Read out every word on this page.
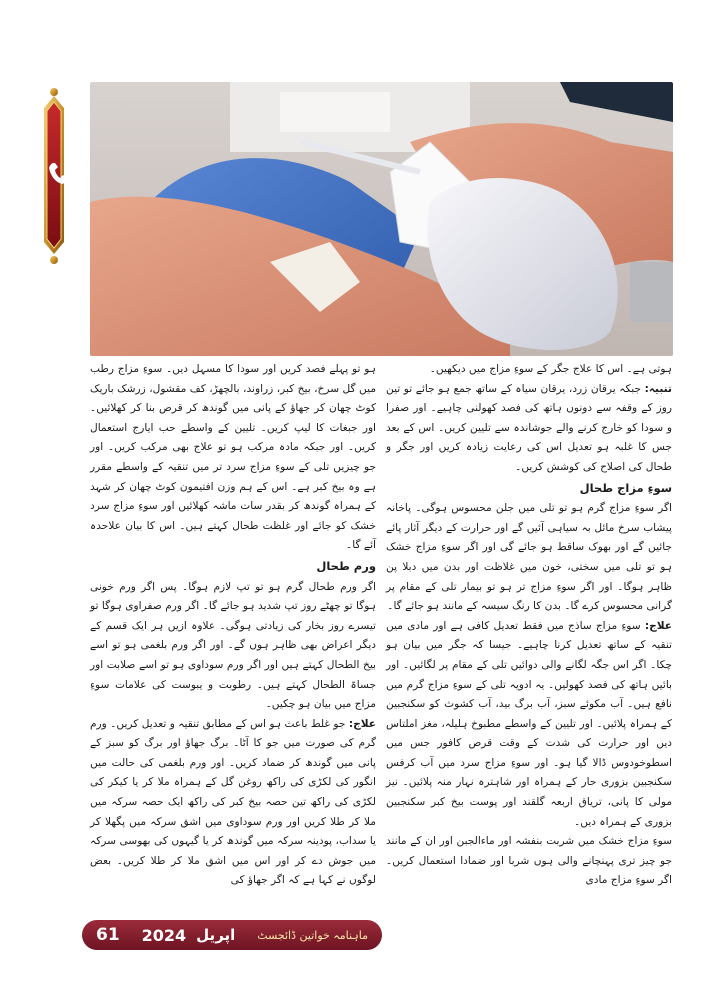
ہوتی ہے۔ اس کا علاج جگر کے سوءِ مزاج میں دیکھیں۔

تنبیہ: جبکہ یرقان زرد، یرقان سیاہ کے ساتھ جمع ہو جائے تو تین روز کے وقفہ سے دونوں ہاتھ کی فصد کھولنی چاہیے۔ اور صفرا و سودا کو خارج کرنے والے جوشاندہ سے تلیین کریں۔ اس کے بعد جس کا غلبہ ہو تعدیل اس کی رعایت زیادہ کریں اور جگر و طحال کی اصلاح کی کوشش کریں۔

سوءِ مزاج طحال

اگر سوءِ مزاج گرم ہو تو تلی میں جلن محسوس ہوگی۔ پاخانہ پیشاب سرخ مائل بہ سیاہی آئیں گے اور حرارت کے دیگر آثار پائے جائیں گے اور بھوک ساقط ہو جائے گی اور اگر سوءِ مزاج خشک ہو تو تلی میں سختی، خون میں غلاظت اور بدن میں دبلا پن ظاہر ہوگا۔ اور اگر سوءِ مزاج تر ہو تو بیمار تلی کے مقام پر گرانی محسوس کرے گا۔ بدن کا رنگ سیسہ کے مانند ہو جائے گا۔

علاج: سوءِ مزاج ساذج میں فقط تعدیل کافی ہے اور مادی میں تنقیہ کے ساتھ تعدیل کرنا چاہیے۔ جیسا کہ جگر میں بیان ہو چکا۔ اگر اس جگہ لگانے والی دوائیں تلی کے مقام پر لگائیں۔ اور بائیں ہاتھ کی فصد کھولیں۔ یہ ادویہ تلی کے سوءِ مزاج گرم میں نافع ہیں۔ آب مکوئے سبز، آب برگ بید، آب کشوث کو سکنجبین کے ہمراہ پلائیں۔ اور تلیین کے واسطے مطبوخ ہلیلہ، مغز املتاس دیں اور حرارت کی شدت کے وقت قرص کافور جس میں اسطوخودوس ڈالا گیا ہو۔ اور سوءِ مزاج سرد میں آب کرفس سکنجبین بزوری حار کے ہمراہ اور شاہترہ نہار منہ پلائیں۔ نیز مولی کا پانی، تریاق اربعہ گلقند اور پوست بیخ کبر سکنجبین بزوری کے ہمراہ دیں۔

سوءِ مزاج خشک میں شربت بنفشہ اور ماءالجبن اور ان کے مانند جو چیز تری پہنچانے والی ہوں شربا اور ضمادا استعمال کریں۔ اگر سوءِ مزاج مادی

ہو تو پہلے فصد کریں اور سودا کا مسہل دیں۔ سوءِ مزاج رطب میں گل سرخ، بیخ کبر، زراوند، بالچھڑ، کف مقشول، زرشک باریک کوٹ چھان کر جھاؤ کے پانی میں گوندھ کر قرص بنا کر کھلائیں۔ اور جبغات کا لیپ کریں۔ تلیین کے واسطے حب ایارج استعمال کریں۔ اور جبکہ مادہ مرکب ہو تو علاج بھی مرکب کریں۔ اور جو چیزیں تلی کے سوءِ مزاج سرد تر میں تنقیہ کے واسطے مقرر ہے وہ بیخ کبر ہے۔ اس کے ہم وزن افتیمون کوٹ چھان کر شہد کے ہمراہ گوندھ کر بقدر سات ماشہ کھلائیں اور سوءِ مزاج سرد خشک کو جائے اور غلظت طحال کہتے ہیں۔ اس کا بیان علاحدہ آئے گا۔

ورم طحال

اگر ورم طحال گرم ہو تو تپ لازم ہوگا۔ پس اگر ورم خونی ہوگا تو چھٹے روز تپ شدید ہو جائے گا۔ اگر ورم صفراوی ہوگا تو تیسرے روز بخار کی زیادتی ہوگی۔ علاوہ ازیں ہر ایک قسم کے دیگر اعراض بھی ظاہر ہوں گے۔ اور اگر ورم بلغمی ہو تو اسے بیخ الطحال کہتے ہیں اور اگر ورم سوداوی ہو تو اسے صلابت اور جساۃ الطحال کہتے ہیں۔ رطوبت و یبوست کی علامات سوءِ مزاج میں بیان ہو چکیں۔

علاج: جو غلط باعث ہو اس کے مطابق تنقیہ و تعدیل کریں۔ ورم گرم کی صورت میں جو کا آٹا۔ برگ جھاؤ اور برگ کو سبز کے پانی میں گوندھ کر ضماد کریں۔ اور ورم بلغمی کی حالت میں انگور کی لکڑی کی راکھ روغن گل کے ہمراہ ملا کر یا کیکر کی لکڑی کی راکھ تین حصہ بیخ کبر کی راکھ ایک حصہ سرکہ میں ملا کر طلا کریں اور ورم سوداوی میں اشق سرکہ میں پگھلا کر یا سداب، پودینہ سرکہ میں گوندھ کر یا گیہوں کی بھوسی سرکہ میں جوش دے کر اور اس میں اشق ملا کر طلا کریں۔ بعض لوگوں نے کہا ہے کہ اگر جھاؤ کی

61 2024 اپریل ماہنامہ خواتین ڈائجسٹ
